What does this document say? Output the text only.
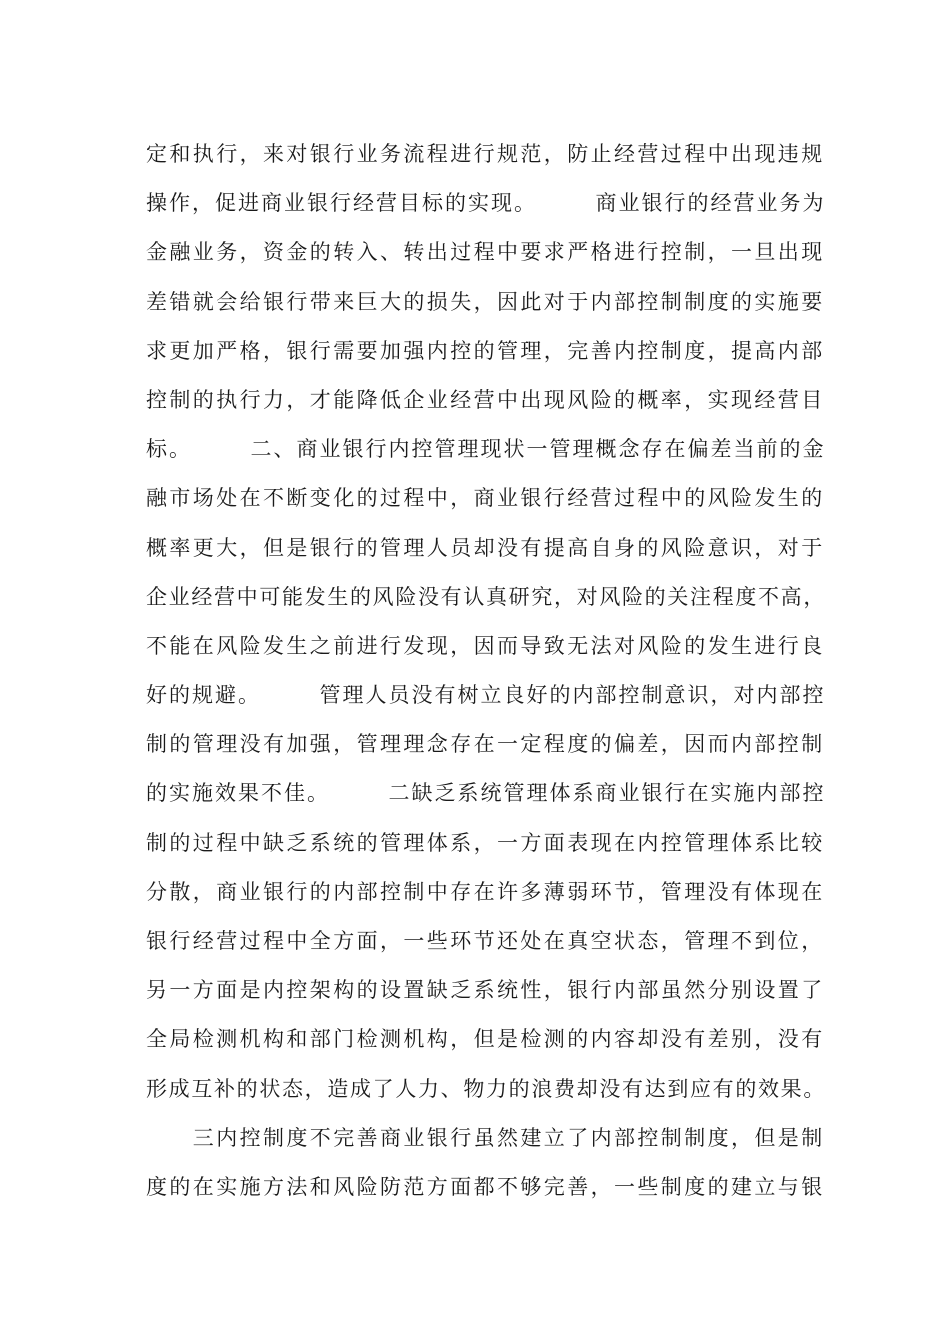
定和执行，来对银行业务流程进行规范，防止经营过程中出现违规
操作，促进商业银行经营目标的实现。　　　商业银行的经营业务为
金融业务，资金的转入、转出过程中要求严格进行控制，一旦出现
差错就会给银行带来巨大的损失，因此对于内部控制制度的实施要
求更加严格，银行需要加强内控的管理，完善内控制度，提高内部
控制的执行力，才能降低企业经营中出现风险的概率，实现经营目
标。　　　二、商业银行内控管理现状一管理概念存在偏差当前的金
融市场处在不断变化的过程中，商业银行经营过程中的风险发生的
概率更大，但是银行的管理人员却没有提高自身的风险意识，对于
企业经营中可能发生的风险没有认真研究，对风险的关注程度不高，
不能在风险发生之前进行发现，因而导致无法对风险的发生进行良
好的规避。　　　管理人员没有树立良好的内部控制意识，对内部控
制的管理没有加强，管理理念存在一定程度的偏差，因而内部控制
的实施效果不佳。　　　二缺乏系统管理体系商业银行在实施内部控
制的过程中缺乏系统的管理体系，一方面表现在内控管理体系比较
分散，商业银行的内部控制中存在许多薄弱环节，管理没有体现在
银行经营过程中全方面，一些环节还处在真空状态，管理不到位，
另一方面是内控架构的设置缺乏系统性，银行内部虽然分别设置了
全局检测机构和部门检测机构，但是检测的内容却没有差别，没有
形成互补的状态，造成了人力、物力的浪费却没有达到应有的效果。
　　三内控制度不完善商业银行虽然建立了内部控制制度，但是制
度的在实施方法和风险防范方面都不够完善，一些制度的建立与银
